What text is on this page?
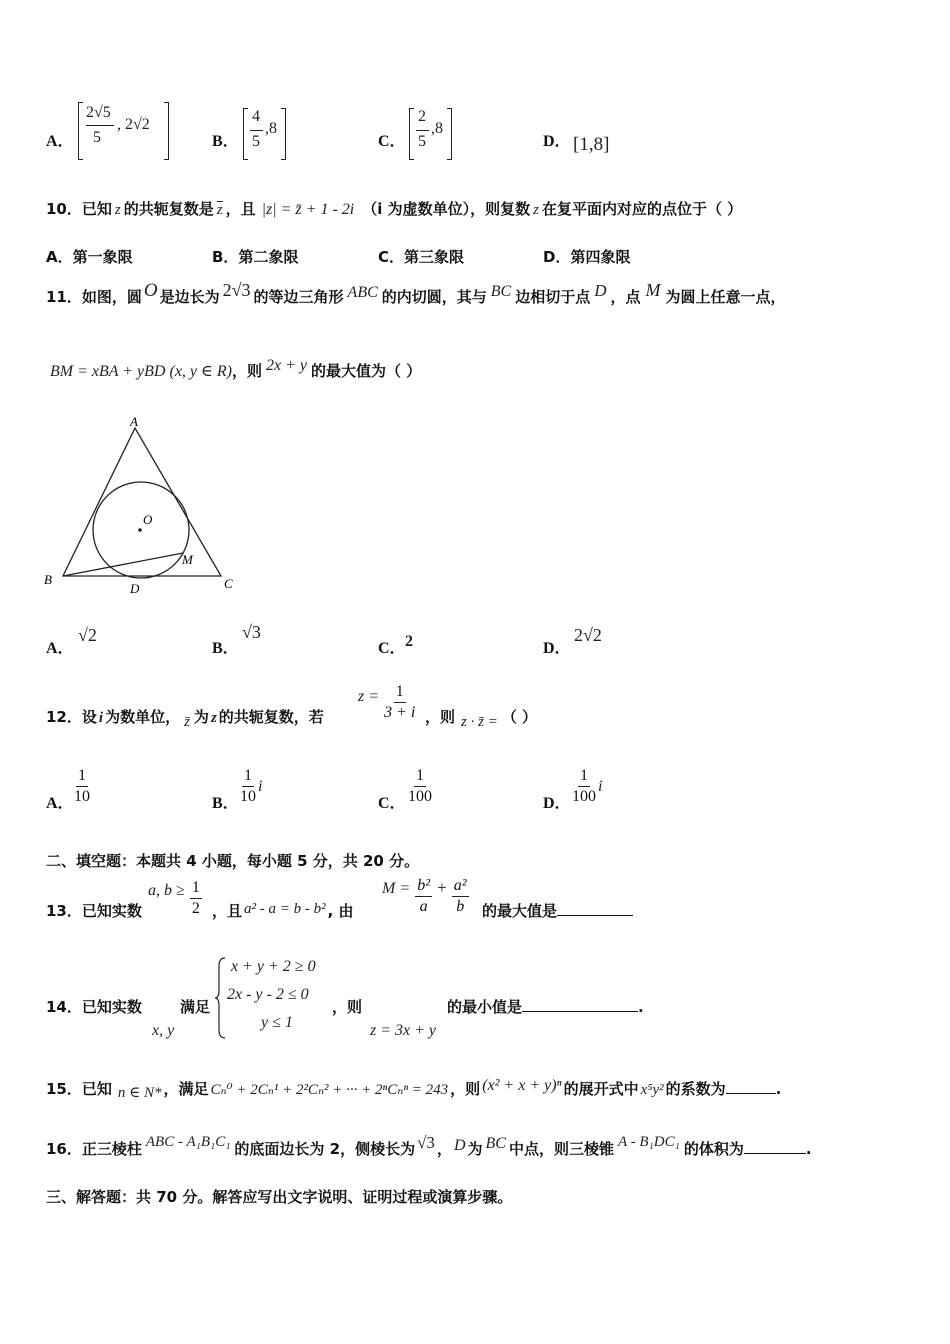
A．
2√5
5
, 2√2
B．
4
5
,8
C．
2
5
,8
D． [1,8]
10． 已知 z 的共轭复数是 $\overline{z}$ ，且 |z| = z̄ + 1 - 2i （i 为虚数单位），则复数 z 在复平面内对应的点位于（ ）
A．第一象限	B．第二象限	C．第三象限	D．第四象限
11． 如图，圆 O 是边长为 2√3 的等边三角形 ABC 的内切圆，其与 BC 边相切于点 D ，点 M 为圆上任意一点，
BM = xBA + yBD (x, y ∈ R) ，则 2x + y 的最大值为（ ）
A
B	C
D
O
M
A．
√2
B．
√3
C． 2	D．
2√2
12． 设 i 为数单位， z̄ 为 z 的共轭复数，若
$z = \frac{1}{3 + i}$ ，则 z · z̄ = （ ）
A． $\frac{1}{10}$	B． $\frac{1}{10}$ i
C． $\frac{1}{100}$	D． $\frac{1}{100}$ i
二、填空题：本题共 4 小题，每小题 5 分，共 20 分。
13．已知实数
a, $b \ge \frac{1}{2}$ ，且 a² - a = b - b² , 由
$M = \frac{\text{b²}}{a} + \frac{\text{a²}}{b}$ 的最大值是
14．已知实数
x, y
满足
x + y + 2 ≥ 0
2x - y - 2 ≤ 0
y ≤ 1
，则
z = 3x + y
的最小值是	.
15． 已知 n ∈ N* ，满足 Cₙ⁰ + 2Cₙ¹ + 2²Cₙ² + ··· + 2ⁿCₙⁿ = 243 ，则 (x² + x + y)ⁿ 的展开式中 x⁵y² 的系数为	.
16． 正三棱柱 ABC - A₁B₁C₁ 的底面边长为 2，侧棱长为 √3 ， D 为 BC 中点，则三棱锥 A - B₁DC₁ 的体积为	.
三、解答题：共 70 分。解答应写出文字说明、证明过程或演算步骤。
